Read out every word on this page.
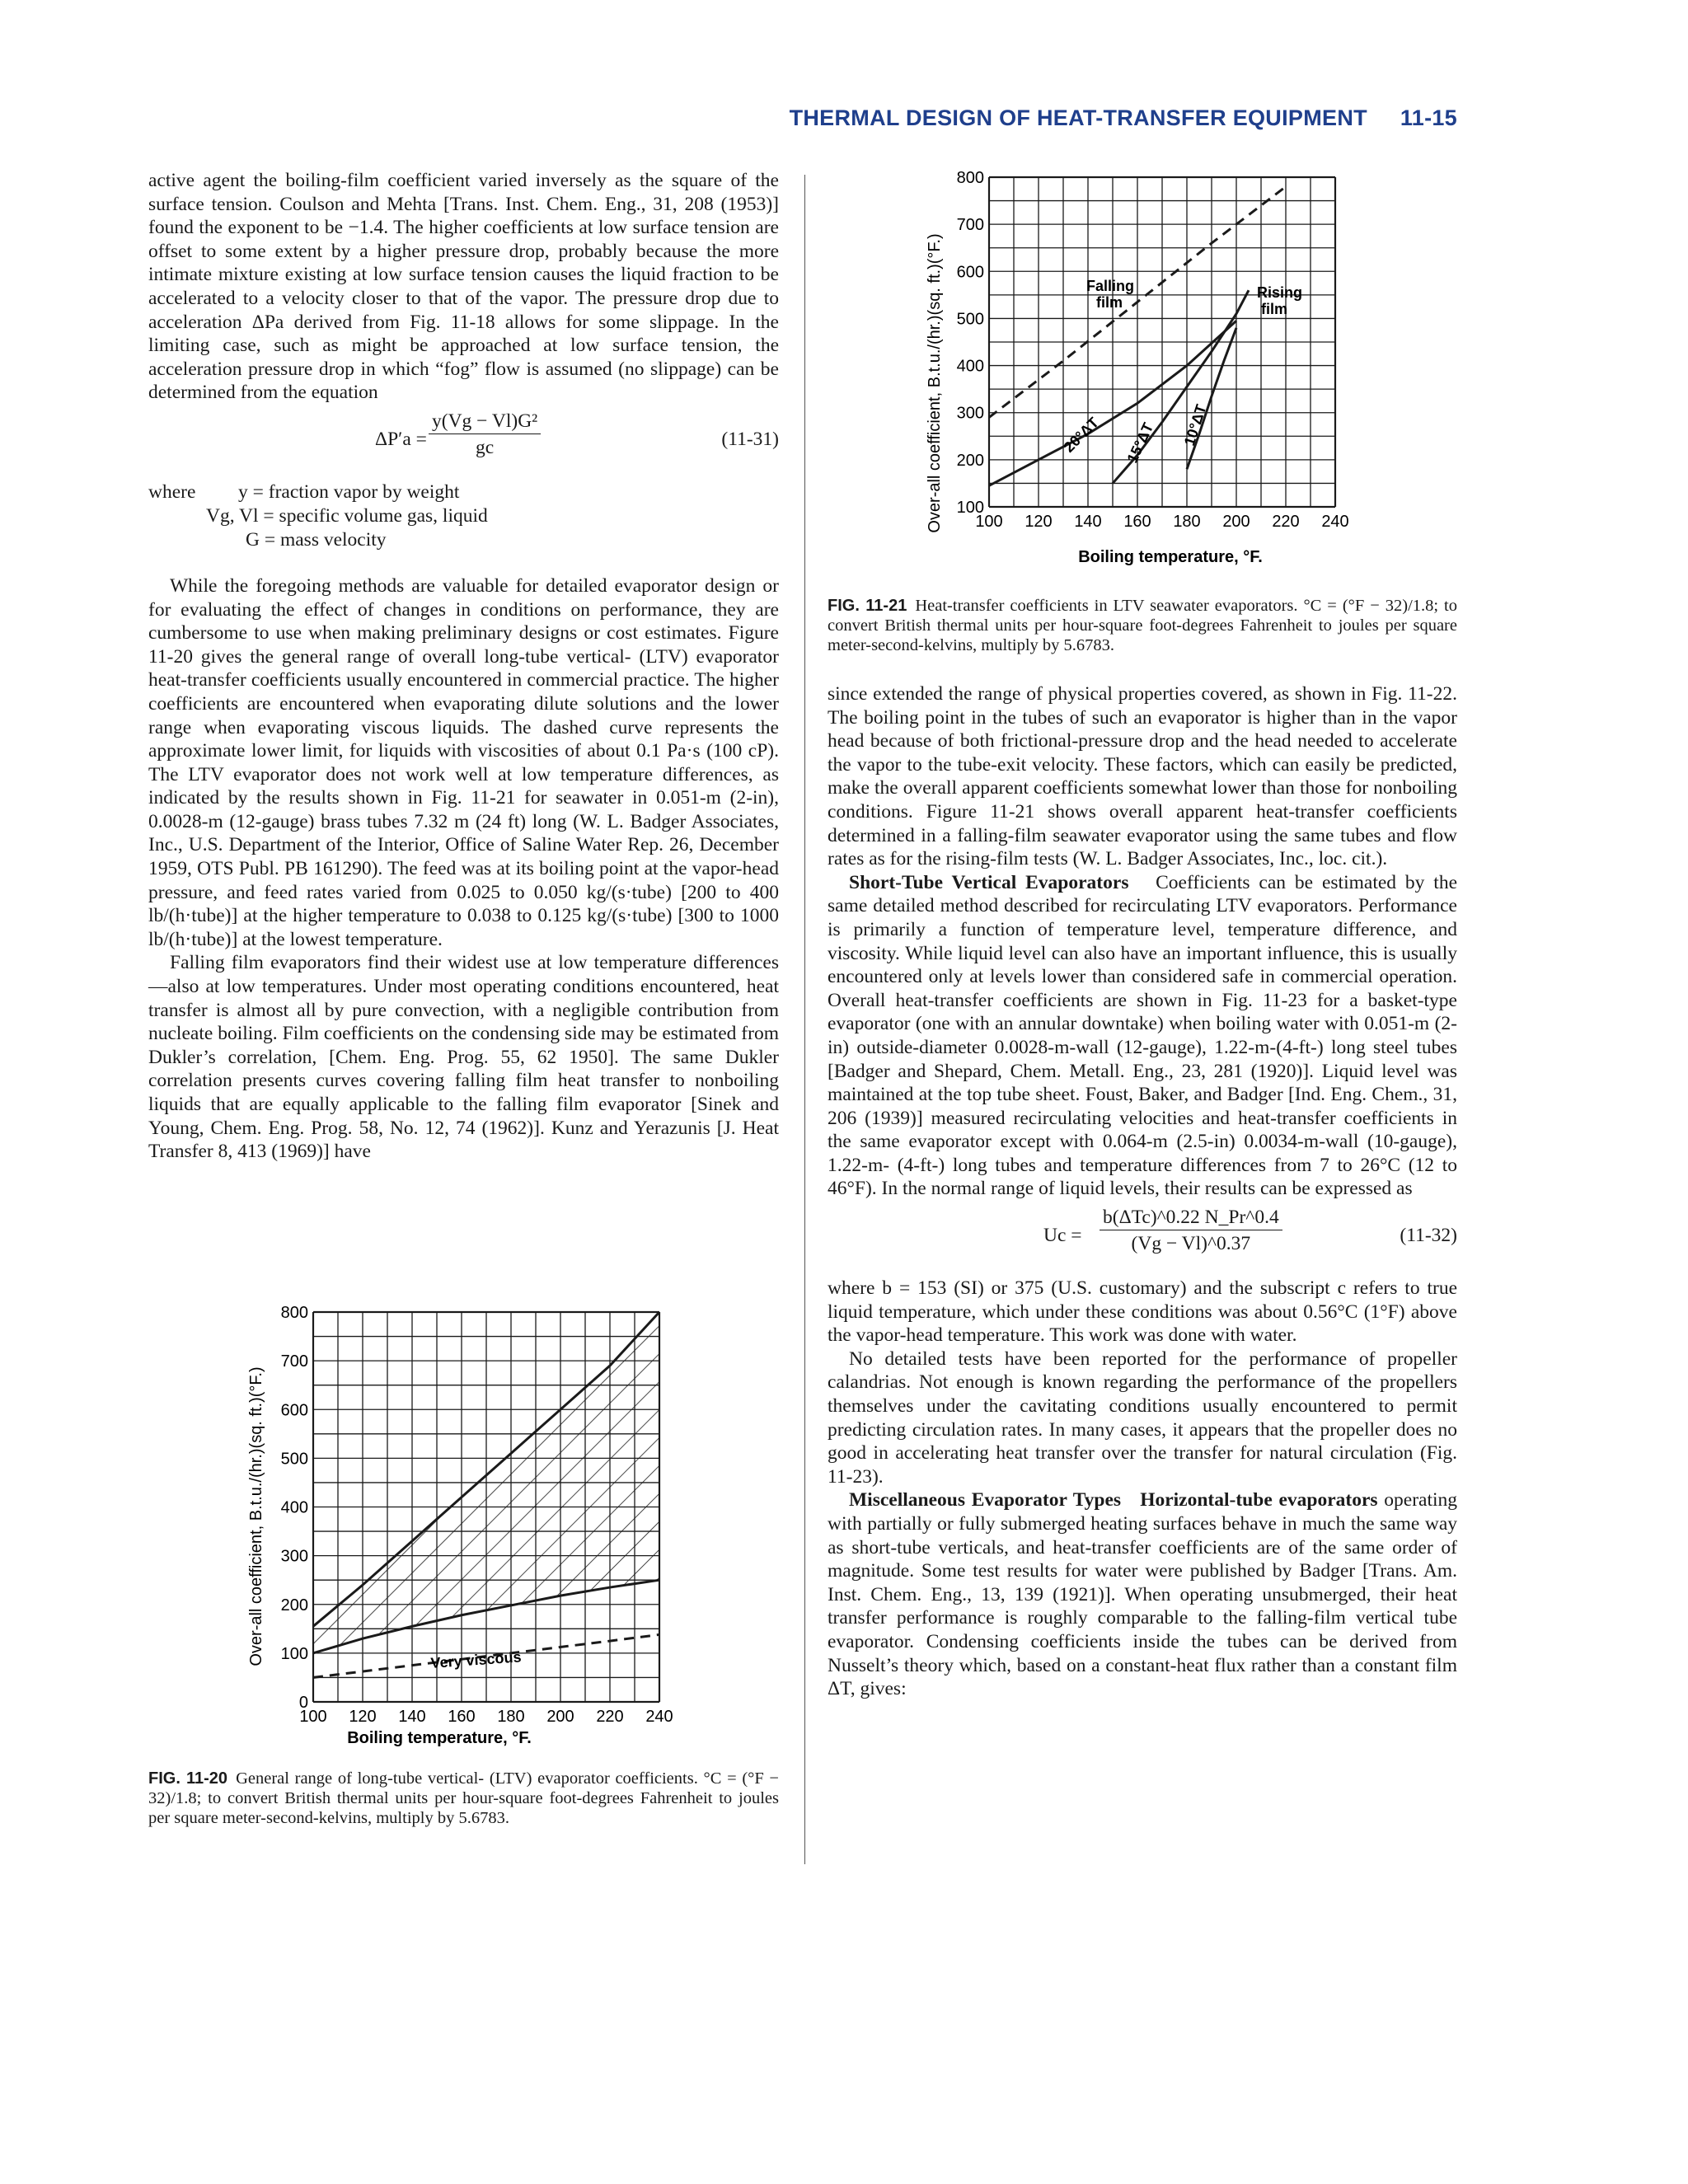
THERMAL DESIGN OF HEAT-TRANSFER EQUIPMENT 11-15

active agent the boiling-film coefficient varied inversely as the square of the surface tension. Coulson and Mehta [Trans. Inst. Chem. Eng., 31, 208 (1953)] found the exponent to be −1.4. The higher coefficients at low surface tension are offset to some extent by a higher pressure drop, probably because the more intimate mixture existing at low surface tension causes the liquid fraction to be accelerated to a velocity closer to that of the vapor. The pressure drop due to acceleration ΔPa derived from Fig. 11-18 allows for some slippage. In the limiting case, such as might be approached at low surface tension, the acceleration pressure drop in which “fog” flow is assumed (no slippage) can be determined from the equation

$\Delta P'a = \frac{\text{y(Vg − Vl)G²}}{gc}$	(11-31)
where y = fraction vapor by weight
Vg, Vl = specific volume gas, liquid
G = mass velocity

While the foregoing methods are valuable for detailed evaporator design or for evaluating the effect of changes in conditions on performance, they are cumbersome to use when making preliminary designs or cost estimates. Figure 11-20 gives the general range of overall long-tube vertical- (LTV) evaporator heat-transfer coefficients usually encountered in commercial practice. The higher coefficients are encountered when evaporating dilute solutions and the lower range when evaporating viscous liquids. The dashed curve represents the approximate lower limit, for liquids with viscosities of about 0.1 Pa·s (100 cP). The LTV evaporator does not work well at low temperature differences, as indicated by the results shown in Fig. 11-21 for seawater in 0.051-m (2-in), 0.0028-m (12-gauge) brass tubes 7.32 m (24 ft) long (W. L. Badger Associates, Inc., U.S. Department of the Interior, Office of Saline Water Rep. 26, December 1959, OTS Publ. PB 161290). The feed was at its boiling point at the vapor-head pressure, and feed rates varied from 0.025 to 0.050 kg/(s·tube) [200 to 400 lb/(h·tube)] at the higher temperature to 0.038 to 0.125 kg/(s·tube) [300 to 1000 lb/(h·tube)] at the lowest temperature.

Falling film evaporators find their widest use at low temperature differences—also at low temperatures. Under most operating conditions encountered, heat transfer is almost all by pure convection, with a negligible contribution from nucleate boiling. Film coefficients on the condensing side may be estimated from Dukler’s correlation, [Chem. Eng. Prog. 55, 62 1950]. The same Dukler correlation presents curves covering falling film heat transfer to nonboiling liquids that are equally applicable to the falling film evaporator [Sinek and Young, Chem. Eng. Prog. 58, No. 12, 74 (1962)]. Kunz and Yerazunis [J. Heat Transfer 8, 413 (1969)] have

since extended the range of physical properties covered, as shown in Fig. 11-22. The boiling point in the tubes of such an evaporator is higher than in the vapor head because of both frictional-pressure drop and the head needed to accelerate the vapor to the tube-exit velocity. These factors, which can easily be predicted, make the overall apparent coefficients somewhat lower than those for nonboiling conditions. Figure 11-21 shows overall apparent heat-transfer coefficients determined in a falling-film seawater evaporator using the same tubes and flow rates as for the rising-film tests (W. L. Badger Associates, Inc., loc. cit.).

Short-Tube Vertical Evaporators Coefficients can be estimated by the same detailed method described for recirculating LTV evaporators. Performance is primarily a function of temperature level, temperature difference, and viscosity. While liquid level can also have an important influence, this is usually encountered only at levels lower than considered safe in commercial operation. Overall heat-transfer coefficients are shown in Fig. 11-23 for a basket-type evaporator (one with an annular downtake) when boiling water with 0.051-m (2-in) outside-diameter 0.0028-m-wall (12-gauge), 1.22-m-(4-ft-) long steel tubes [Badger and Shepard, Chem. Metall. Eng., 23, 281 (1920)]. Liquid level was maintained at the top tube sheet. Foust, Baker, and Badger [Ind. Eng. Chem., 31, 206 (1939)] measured recirculating velocities and heat-transfer coefficients in the same evaporator except with 0.064-m (2.5-in) 0.0034-m-wall (10-gauge), 1.22-m- (4-ft-) long tubes and temperature differences from 7 to 26°C (12 to 46°F). In the normal range of liquid levels, their results can be expressed as

Uc =
b(ΔTc)^0.22 N_Pr^0.4
(Vg − Vl)^0.37	(11-32)

where b = 153 (SI) or 375 (U.S. customary) and the subscript c refers to true liquid temperature, which under these conditions was about 0.56°C (1°F) above the vapor-head temperature. This work was done with water.

No detailed tests have been reported for the performance of propeller calandrias. Not enough is known regarding the performance of the propellers themselves under the cavitating conditions usually encountered to permit predicting circulation rates. In many cases, it appears that the propeller does no good in accelerating heat transfer over the transfer for natural circulation (Fig. 11-23).

Miscellaneous Evaporator Types Horizontal-tube evaporators operating with partially or fully submerged heating surfaces behave in much the same way as short-tube verticals, and heat-transfer coefficients are of the same order of magnitude. Some test results for water were published by Badger [Trans. Am. Inst. Chem. Eng., 13, 139 (1921)]. When operating unsubmerged, their heat transfer performance is roughly comparable to the falling-film vertical tube evaporator. Condensing coefficients inside the tubes can be derived from Nusselt’s theory which, based on a constant-heat flux rather than a constant film ΔT, gives:

100 120 140 160 180 200 220 240
100
200
300
400
500
600
700
800
Over-all coefficient, B.t.u./(hr.)(sq. ft.)(°F.)
Boiling temperature, °F.
Falling
film
Rising
film
20°ΔT 15°ΔT 10°ΔT
FIG. 11-21 Heat-transfer coefficients in LTV seawater evaporators. °C = (°F − 32)/1.8; to convert British thermal units per hour-square foot-degrees Fahrenheit to joules per square meter-second-kelvins, multiply by 5.6783.
100 120 140 160 180 200 220 240
0
100
200
300
400
500
600
700
800
Over-all coefficient, B.t.u./(hr.)(sq. ft.)(°F.)
Boiling temperature, °F.
Very viscous
FIG. 11-20 General range of long-tube vertical- (LTV) evaporator coefficients. °C = (°F − 32)/1.8; to convert British thermal units per hour-square foot-degrees Fahrenheit to joules per square meter-second-kelvins, multiply by 5.6783.
